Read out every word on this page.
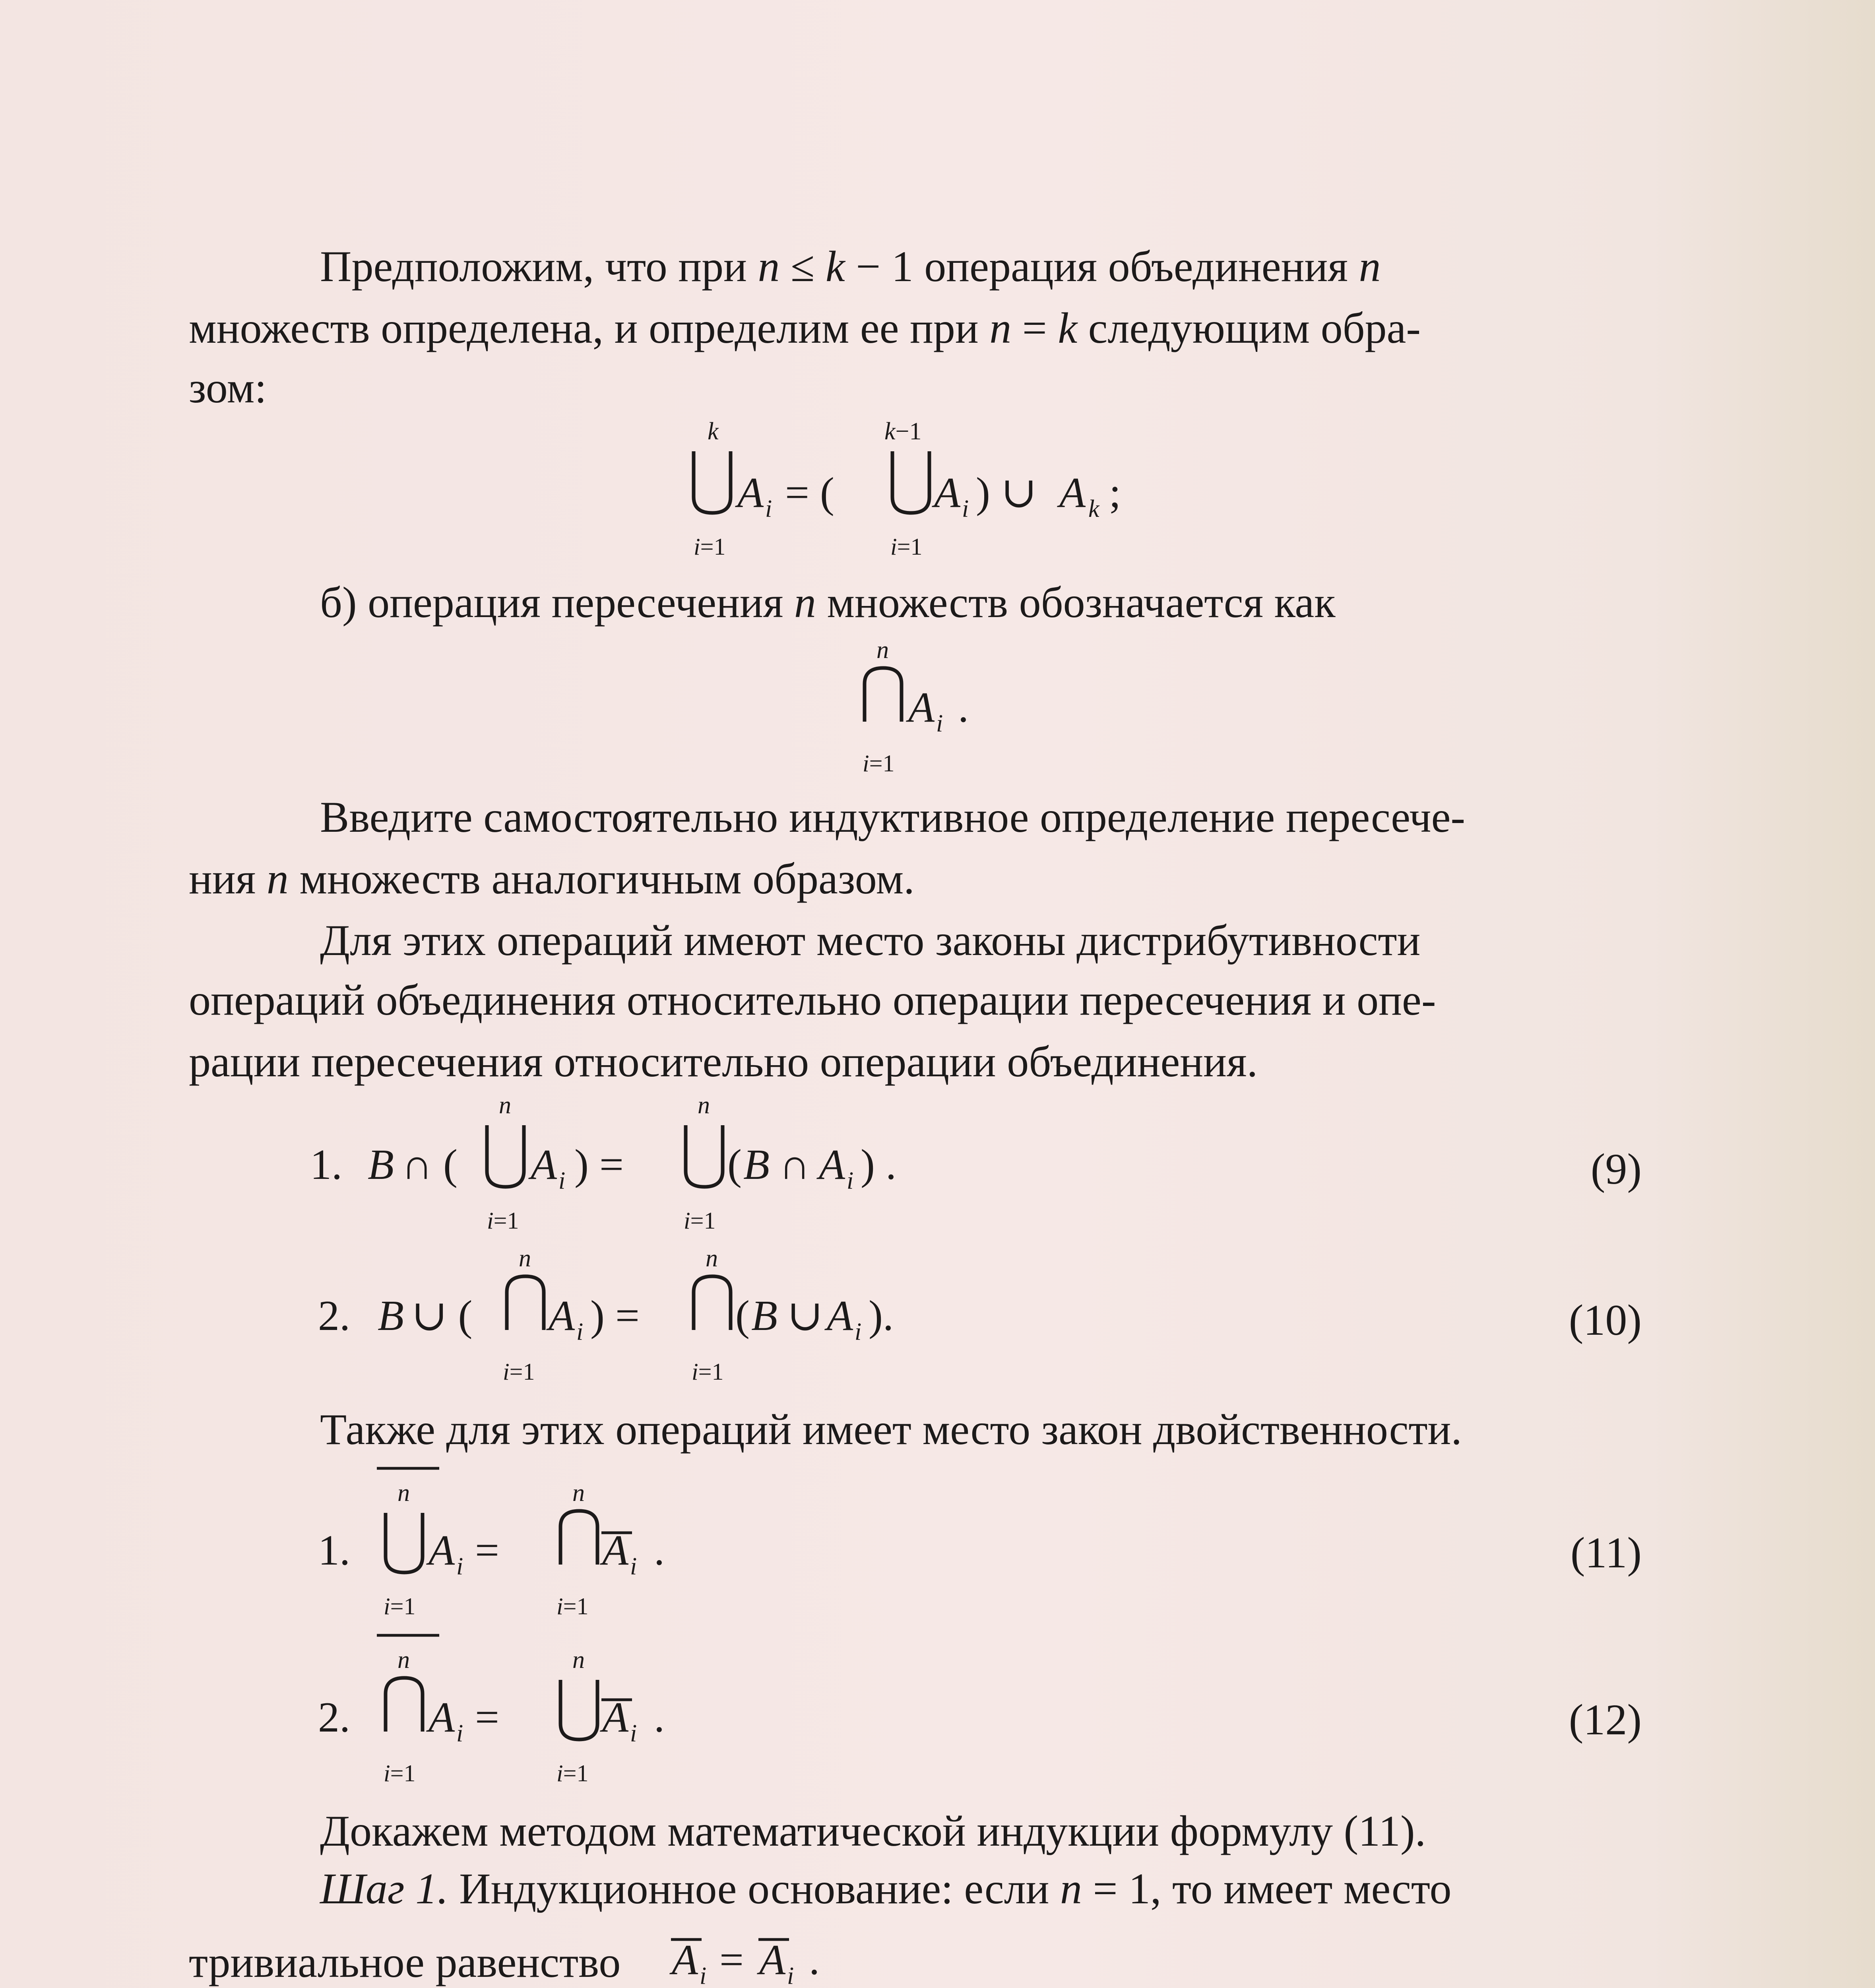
Предположим, что при n ≤ k − 1 операция объединения n
множеств определена, и определим ее при n = k следующим обра-
зом:
k
i=1
A i = (
k−1
i=1
A i ) ∪ A k ;
б) операция пересечения n множеств обозначается как
n
i=1
A i .
Введите самостоятельно индуктивное определение пересече-
ния n множеств аналогичным образом.
Для этих операций имеют место законы дистрибутивности
операций объединения относительно операции пересечения и опе-
рации пересечения относительно операции объединения.
1. B ∩ (
n
i=1
A i ) =
n
i=1
( B ∩ A i ) .	(9)
2. B ∪ (
n
i=1
A i ) =
n
i=1
( B ∪ A i ).	(10)
Также для этих операций имеет место закон двойственности.
1.
n
i=1
A i =
n
i=1
A i .	(11)
2.
n
i=1
A i =
n
i=1
A i .	(12)
Докажем методом математической индукции формулу (11).
Шаг 1. Индукционное основание: если n = 1, то имеет место
тривиальное равенство A i = A i .
